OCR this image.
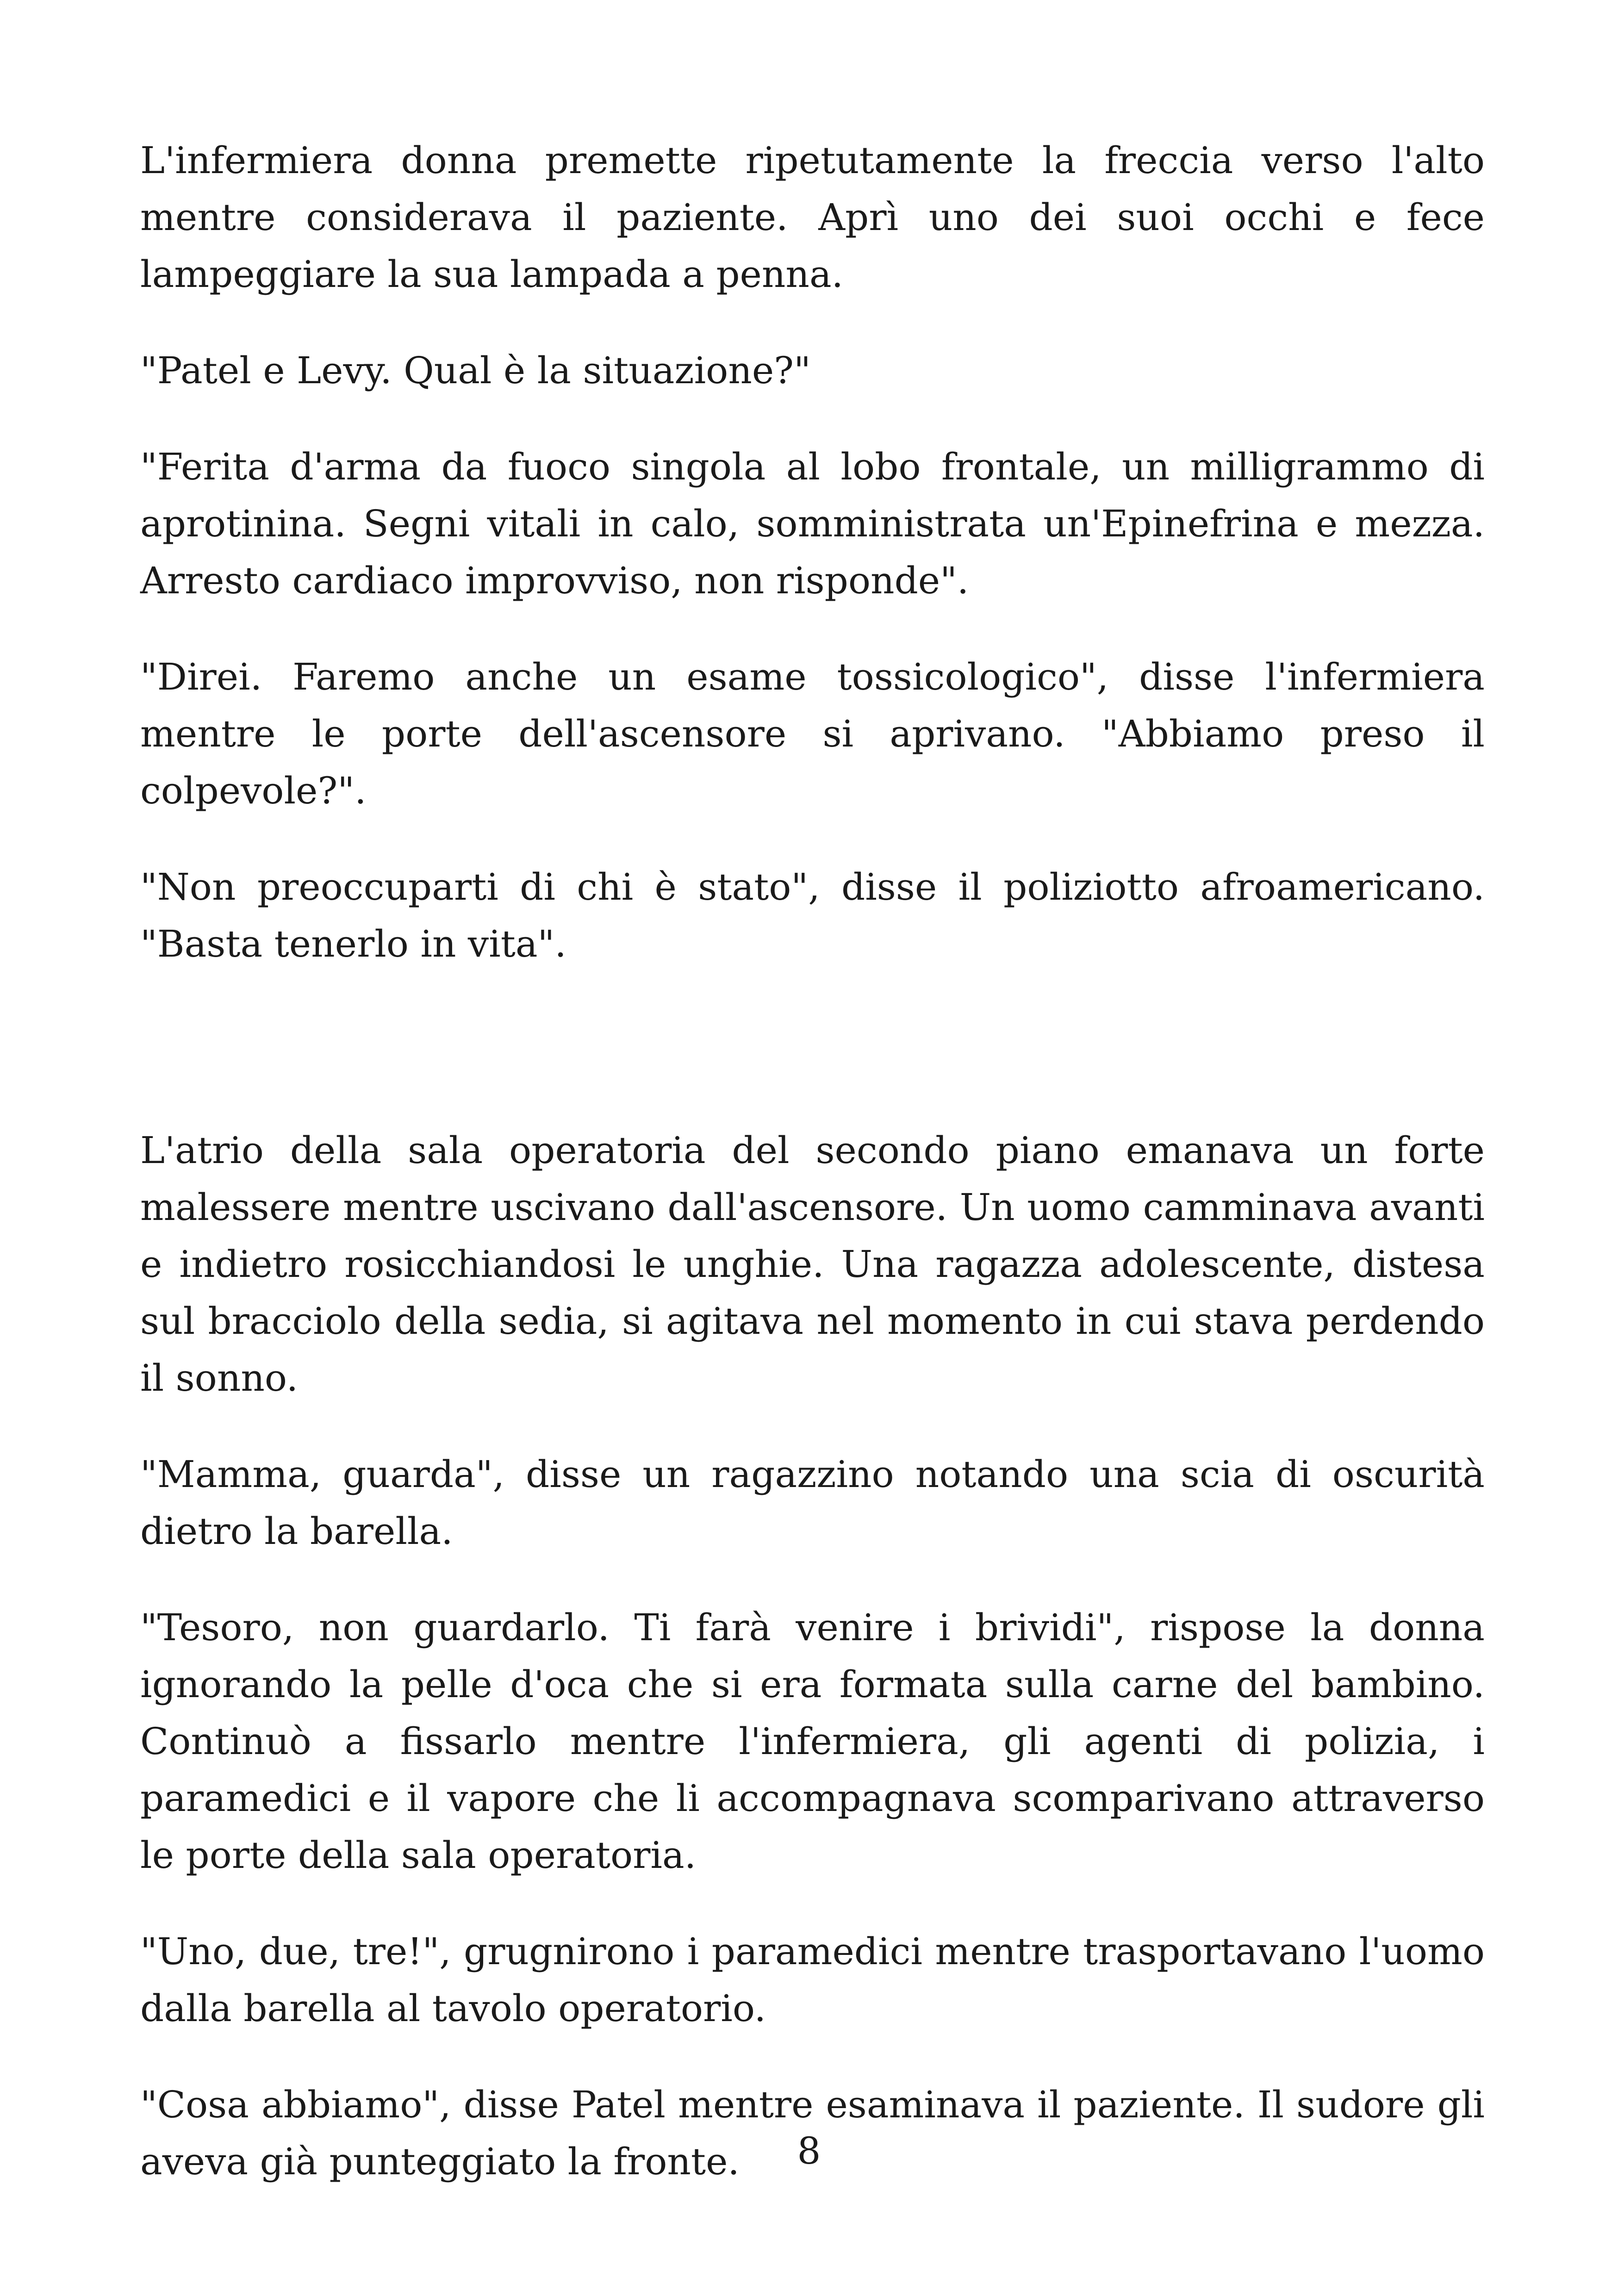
L'infermiera donna premette ripetutamente la freccia verso l'alto mentre considerava il paziente. Aprì uno dei suoi occhi e fece lampeggiare la sua lampada a penna.

"Patel e Levy. Qual è la situazione?"

"Ferita d'arma da fuoco singola al lobo frontale, un milligrammo di aprotinina. Segni vitali in calo, somministrata un'Epinefrina e mezza. Arresto cardiaco improvviso, non risponde".

"Direi. Faremo anche un esame tossicologico", disse l'infermiera mentre le porte dell'ascensore si aprivano. "Abbiamo preso il colpevole?".

"Non preoccuparti di chi è stato", disse il poliziotto afroamericano. "Basta tenerlo in vita".

L'atrio della sala operatoria del secondo piano emanava un forte malessere mentre uscivano dall'ascensore. Un uomo camminava avanti e indietro rosicchiandosi le unghie. Una ragazza adolescente, distesa sul bracciolo della sedia, si agitava nel momento in cui stava perdendo il sonno.

"Mamma, guarda", disse un ragazzino notando una scia di oscurità dietro la barella.

"Tesoro, non guardarlo. Ti farà venire i brividi", rispose la donna ignorando la pelle d'oca che si era formata sulla carne del bambino. Continuò a fissarlo mentre l'infermiera, gli agenti di polizia, i paramedici e il vapore che li accompagnava scomparivano attraverso le porte della sala operatoria.

"Uno, due, tre!", grugnirono i paramedici mentre trasportavano l'uomo dalla barella al tavolo operatorio.

"Cosa abbiamo", disse Patel mentre esaminava il paziente. Il sudore gli aveva già punteggiato la fronte.	8
